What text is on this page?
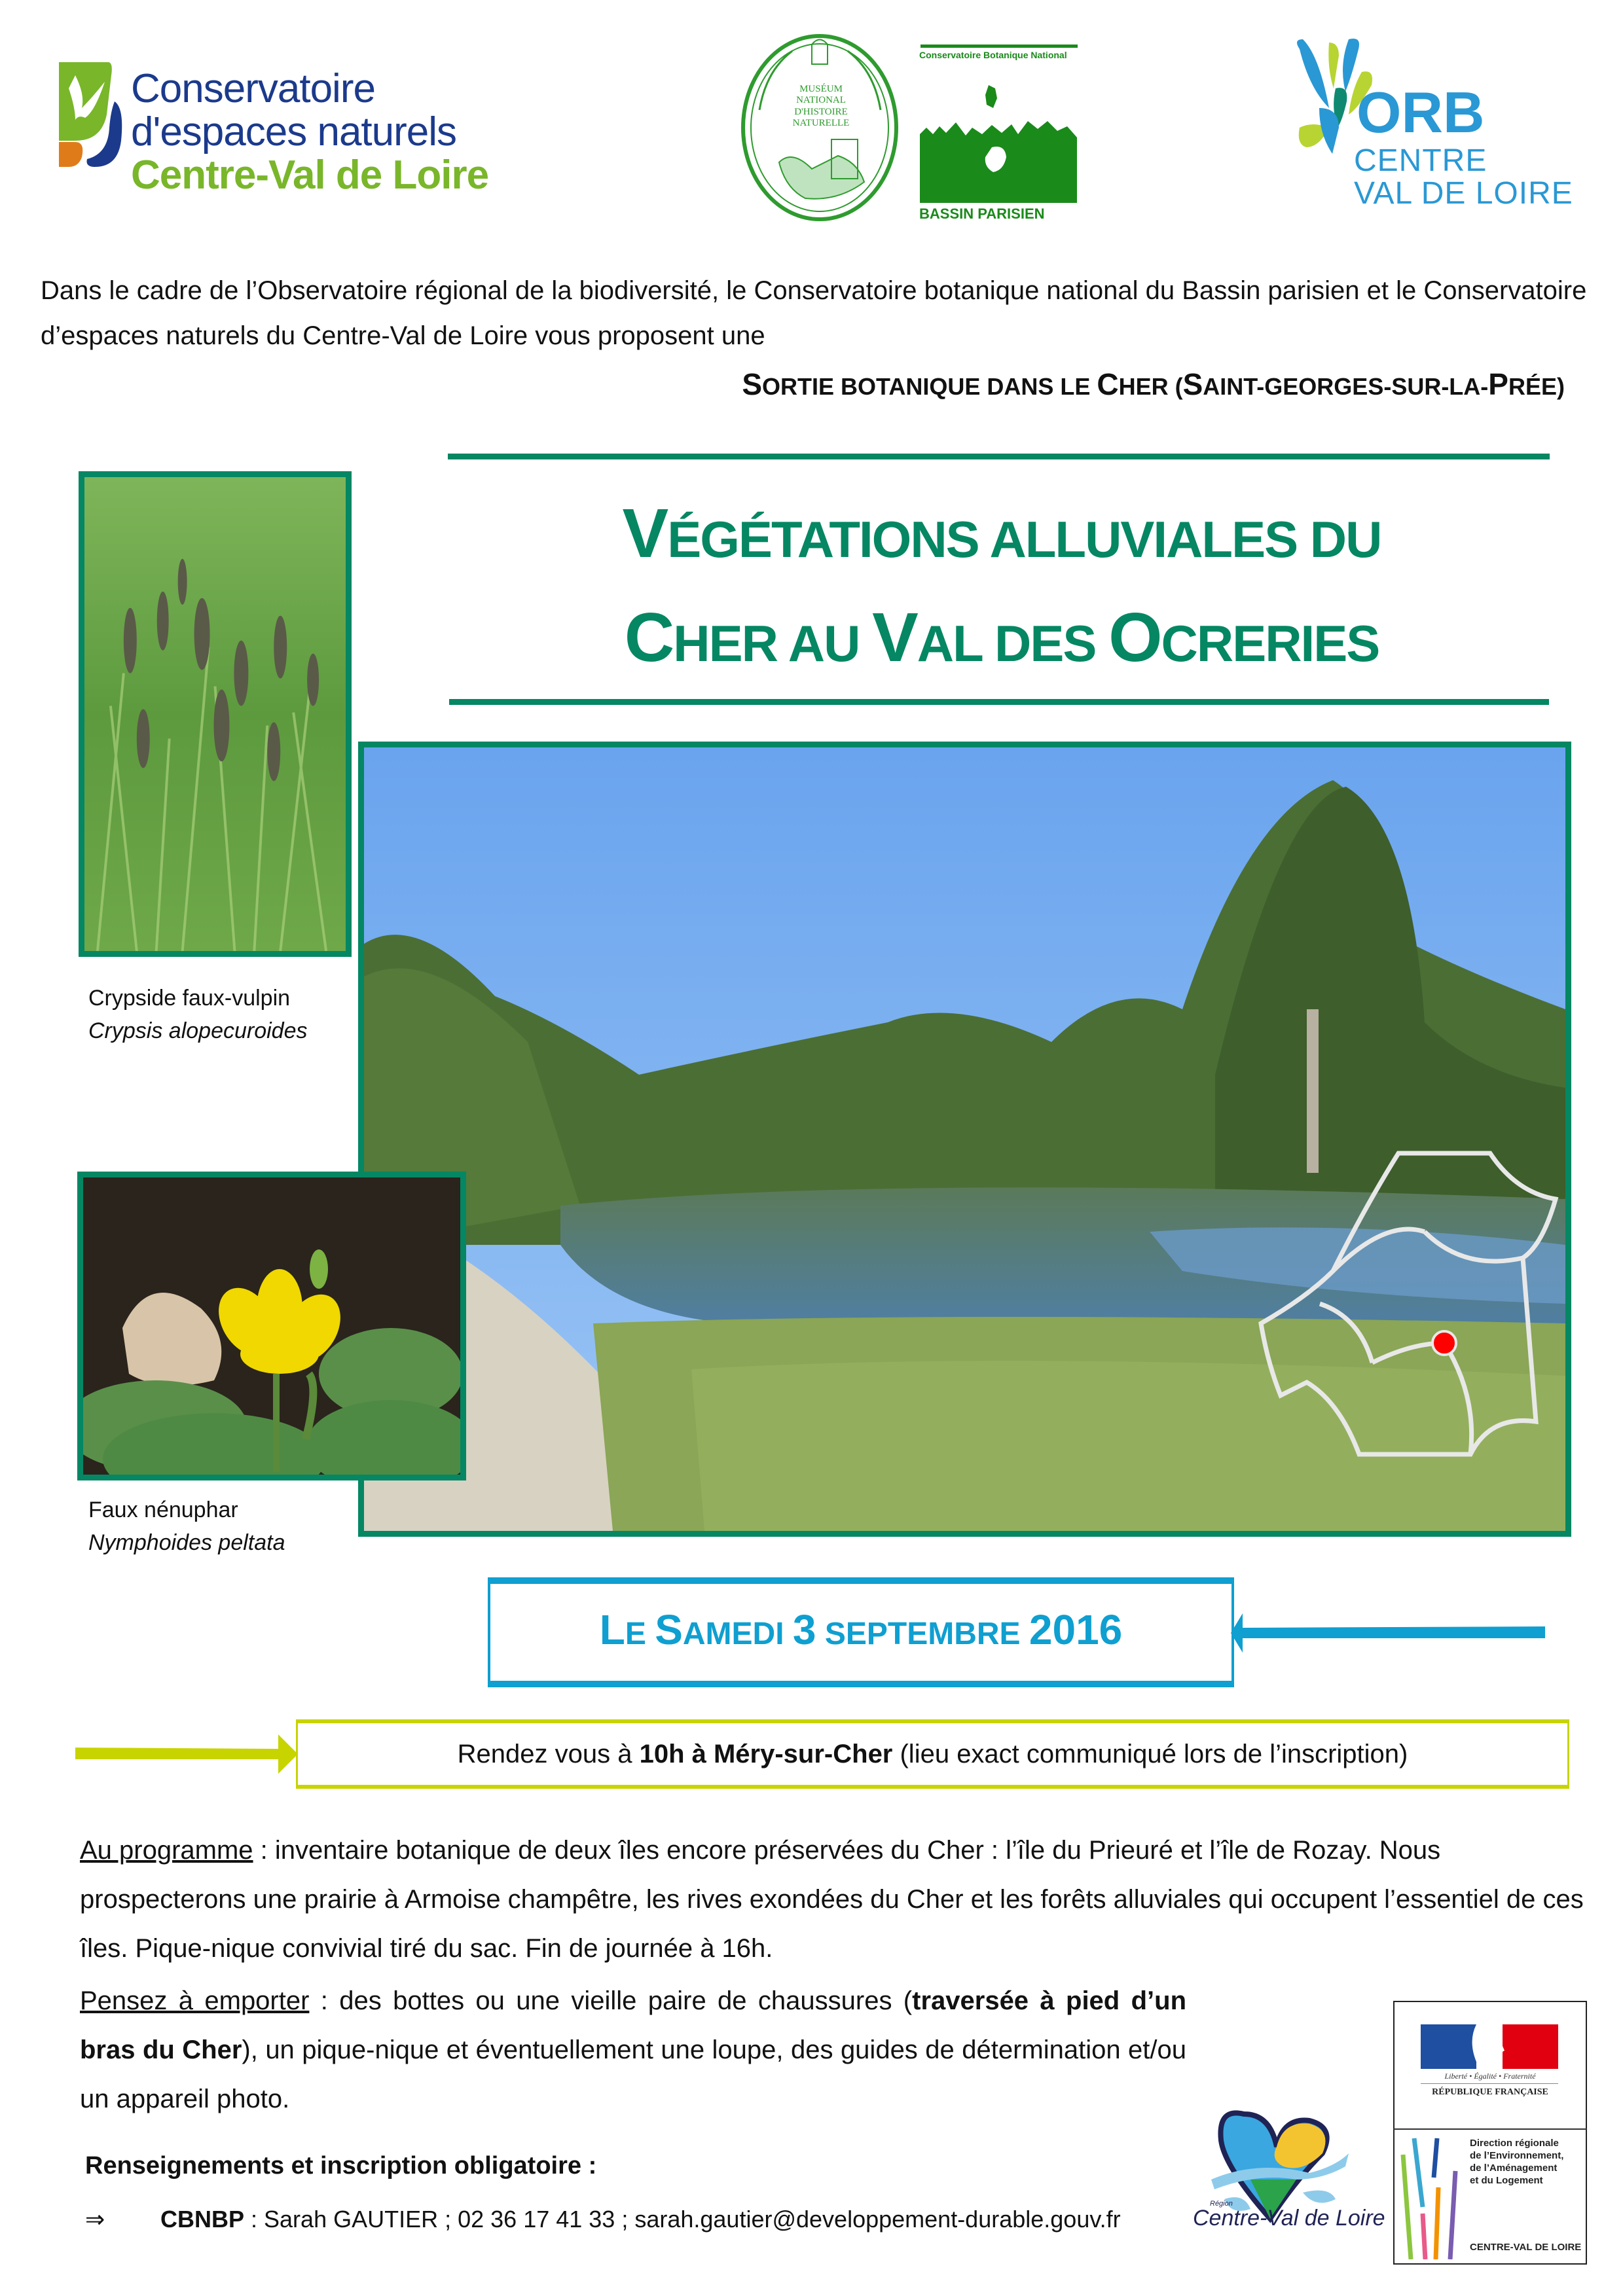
Conservatoire
d'espaces naturels
Centre-Val de Loire
MUSÉUM
NATIONAL
D'HISTOIRE
NATURELLE
Conservatoire Botanique National
BASSIN PARISIEN
ORB
CENTRE
VAL DE LOIRE
Dans le cadre de l’Observatoire régional de la biodiversité, le Conservatoire botanique national du Bassin parisien et le Conservatoire d’espaces naturels du Centre-Val de Loire vous proposent une
SORTIE BOTANIQUE DANS LE CHER (SAINT-GEORGES-SUR-LA-PRÉE)
VÉGÉTATIONS ALLUVIALES DU
CHER AU VAL DES OCRERIES
Crypside faux-vulpin
Crypsis alopecuroides
Faux nénuphar
Nymphoides peltata
LE SAMEDI 3 SEPTEMBRE 2016
Rendez vous à 10h à Méry-sur-Cher (lieu exact communiqué lors de l’inscription)
Au programme : inventaire botanique de deux îles encore préservées du Cher : l’île du Prieuré et l’île de Rozay. Nous prospecterons une prairie à Armoise champêtre, les rives exondées du Cher et les forêts alluviales qui occupent l’essentiel de ces îles. Pique-nique convivial tiré du sac. Fin de journée à 16h.
Pensez à emporter : des bottes ou une vieille paire de chaussures (traversée à pied d’un bras du Cher), un pique-nique et éventuellement une loupe, des guides de détermination et/ou un appareil photo.
Renseignements et inscription obligatoire :
⇒ CBNBP : Sarah GAUTIER ; 02 36 17 41 33 ; sarah.gautier@developpement-durable.gouv.fr
Région
Centre-Val de Loire
Liberté • Égalité • Fraternité
RÉPUBLIQUE FRANÇAISE
Direction régionale
de l’Environnement,
de l’Aménagement
et du Logement
CENTRE-VAL DE LOIRE
